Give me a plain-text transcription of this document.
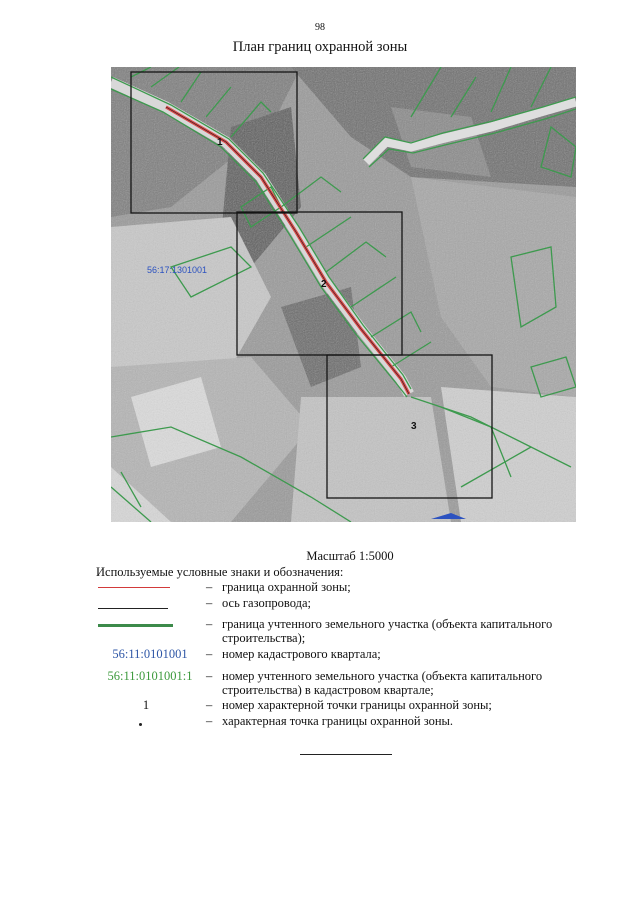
98
План границ охранной зоны
1
2
3
56:17:1301001
Масштаб 1:5000
Используемые условные знаки и обозначения:
– граница охранной зоны;
– ось газопровода;
– граница учтенного земельного участка (объекта капитального строительства);
56:11:0101001	– номер кадастрового квартала;
56:11:0101001:1	– номер учтенного земельного участка (объекта капитального строительства) в кадастровом квартале;
1	– номер характерной точки границы охранной зоны;
– характерная точка границы охранной зоны.
